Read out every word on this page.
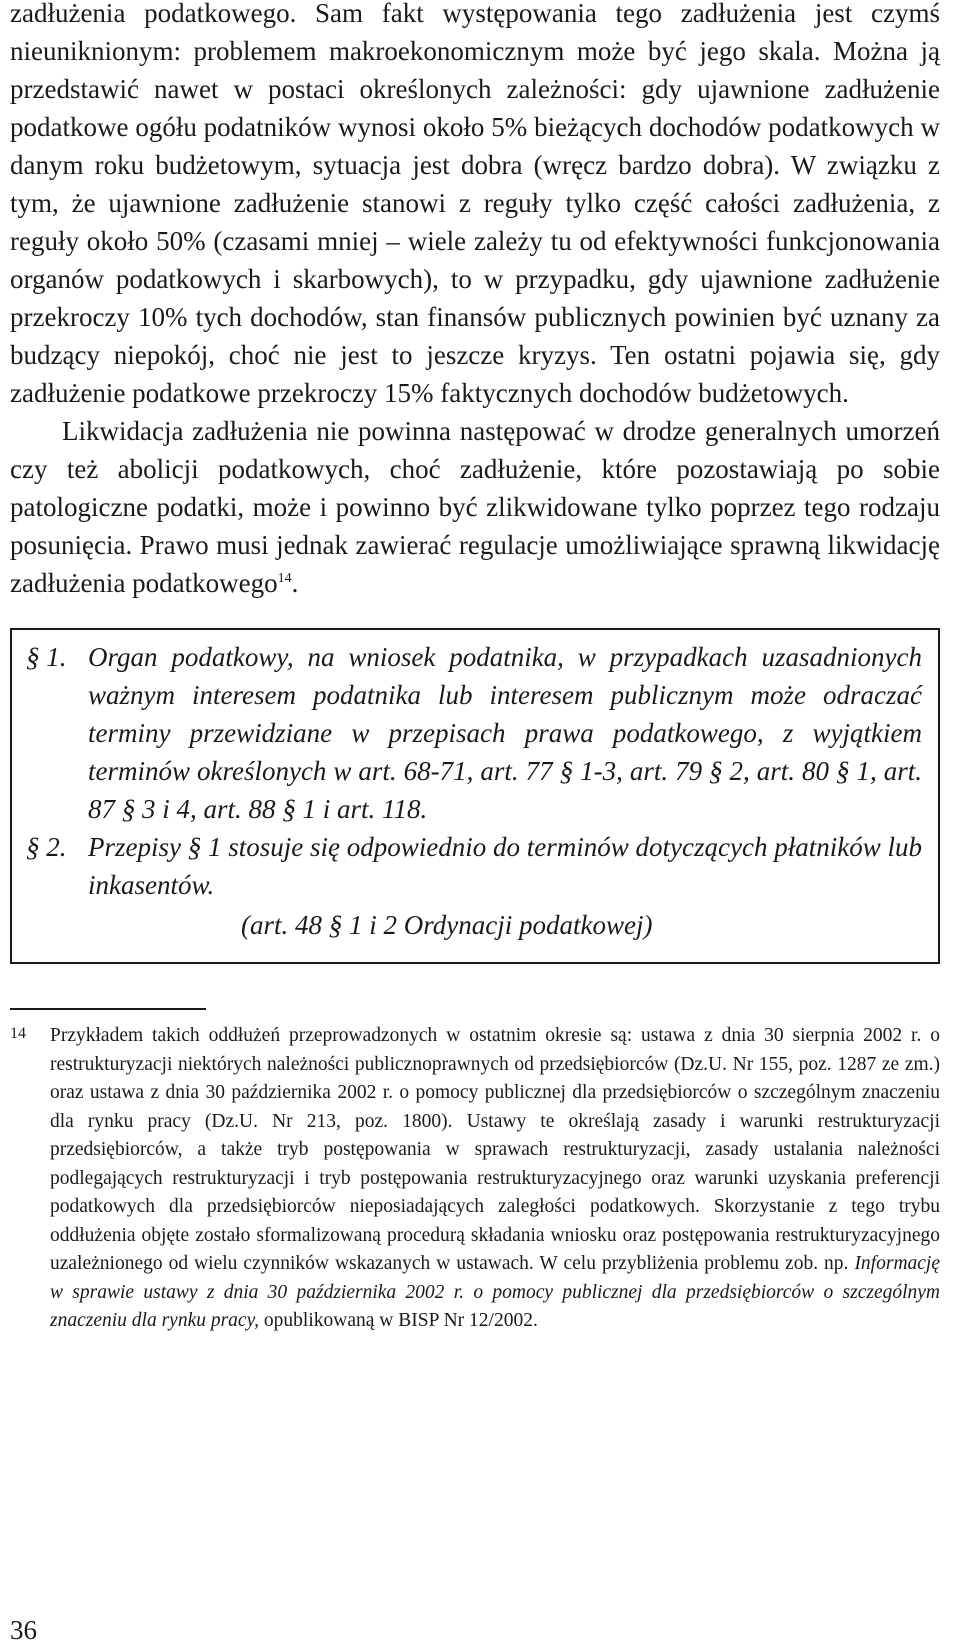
zadłużenia podatkowego. Sam fakt występowania tego zadłużenia jest czymś nieuniknionym: problemem makroekonomicznym może być jego skala. Można ją przedstawić nawet w postaci określonych zależności: gdy ujawnione zadłużenie podatkowe ogółu podatników wynosi około 5% bieżących dochodów podatkowych w danym roku budżetowym, sytuacja jest dobra (wręcz bardzo dobra). W związku z tym, że ujawnione zadłużenie stanowi z reguły tylko część całości zadłużenia, z reguły około 50% (czasami mniej – wiele zależy tu od efektywności funkcjonowania organów podatkowych i skarbowych), to w przypadku, gdy ujawnione zadłużenie przekroczy 10% tych dochodów, stan finansów publicznych powinien być uznany za budzący niepokój, choć nie jest to jeszcze kryzys. Ten ostatni pojawia się, gdy zadłużenie podatkowe przekroczy 15% faktycznych dochodów budżetowych.

Likwidacja zadłużenia nie powinna następować w drodze generalnych umorzeń czy też abolicji podatkowych, choć zadłużenie, które pozostawiają po sobie patologiczne podatki, może i powinno być zlikwidowane tylko poprzez tego rodzaju posunięcia. Prawo musi jednak zawierać regulacje umożliwiające sprawną likwidację zadłużenia podatkowego$^{14}$.

§ 1. Organ podatkowy, na wniosek podatnika, w przypadkach uzasadnionych ważnym interesem podatnika lub interesem publicznym może odraczać terminy przewidziane w przepisach prawa podatkowego, z wyjątkiem terminów określonych w art. 68-71, art. 77 § 1-3, art. 79 § 2, art. 80 § 1, art. 87 § 3 i 4, art. 88 § 1 i art. 118.
§ 2. Przepisy § 1 stosuje się odpowiednio do terminów dotyczących płatników lub inkasentów.
(art. 48 § 1 i 2 Ordynacji podatkowej)
14	Przykładem takich oddłużeń przeprowadzonych w ostatnim okresie są: ustawa z dnia 30 sierpnia 2002 r. o restrukturyzacji niektórych należności publicznoprawnych od przedsiębiorców (Dz.U. Nr 155, poz. 1287 ze zm.) oraz ustawa z dnia 30 października 2002 r. o pomocy publicznej dla przedsiębiorców o szczególnym znaczeniu dla rynku pracy (Dz.U. Nr 213, poz. 1800). Ustawy te określają zasady i warunki restrukturyzacji przedsiębiorców, a także tryb postępowania w sprawach restrukturyzacji, zasady ustalania należności podlegających restrukturyzacji i tryb postępowania restrukturyzacyjnego oraz warunki uzyskania preferencji podatkowych dla przedsiębiorców nieposiadających zaległości podatkowych. Skorzystanie z tego trybu oddłużenia objęte zostało sformalizowaną procedurą składania wniosku oraz postępowania restrukturyzacyjnego uzależnionego od wielu czynników wskazanych w ustawach. W celu przybliżenia problemu zob. np. Informację w sprawie ustawy z dnia 30 października 2002 r. o pomocy publicznej dla przedsiębiorców o szczególnym znaczeniu dla rynku pracy, opublikowaną w BISP Nr 12/2002.

36
